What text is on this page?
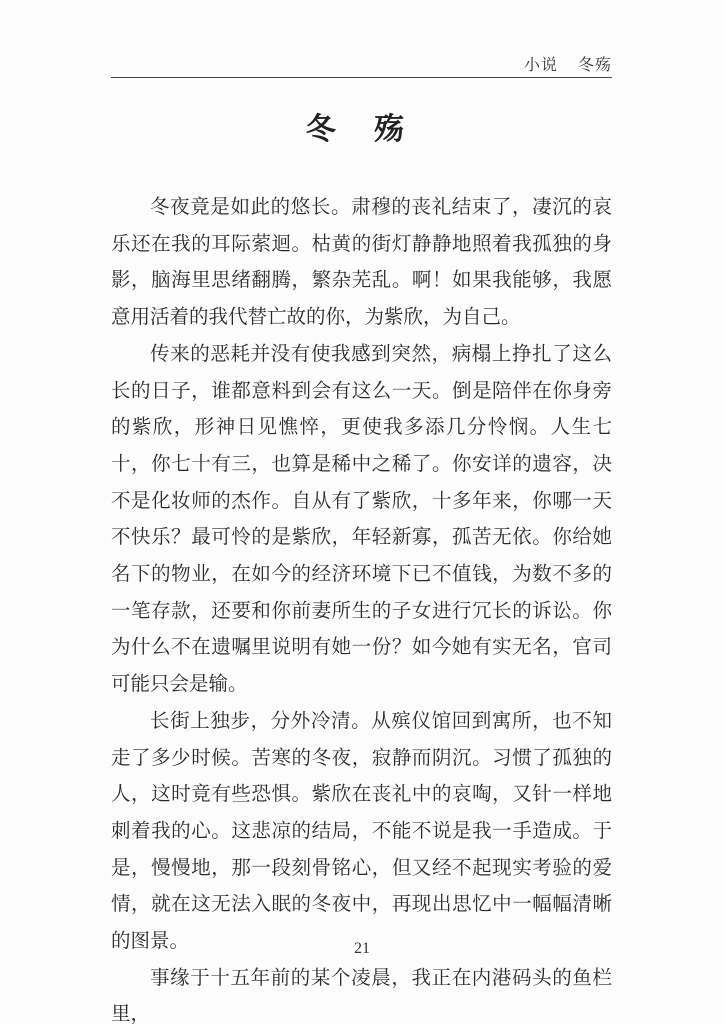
小说 冬殇
冬 殇

冬夜竟是如此的悠长。肃穆的丧礼结束了，凄沉的哀乐还在我的耳际萦迴。枯黄的街灯静静地照着我孤独的身影，脑海里思绪翻腾，繁杂芜乱。啊！如果我能够，我愿意用活着的我代替亡故的你，为紫欣，为自己。

传来的恶耗并没有使我感到突然，病榻上挣扎了这么长的日子，谁都意料到会有这么一天。倒是陪伴在你身旁的紫欣，形神日见憔悴，更使我多添几分怜悯。人生七十，你七十有三，也算是稀中之稀了。你安详的遗容，决不是化妆师的杰作。自从有了紫欣，十多年来，你哪一天不快乐？最可怜的是紫欣，年轻新寡，孤苦无依。你给她名下的物业，在如今的经济环境下已不值钱，为数不多的一笔存款，还要和你前妻所生的子女进行冗长的诉讼。你为什么不在遗嘱里说明有她一份？如今她有实无名，官司可能只会是输。

长街上独步，分外冷清。从殡仪馆回到寓所，也不知走了多少时候。苦寒的冬夜，寂静而阴沉。习惯了孤独的人，这时竟有些恐惧。紫欣在丧礼中的哀啕，又针一样地刺着我的心。这悲凉的结局，不能不说是我一手造成。于是，慢慢地，那一段刻骨铭心，但又经不起现实考验的爱情，就在这无法入眠的冬夜中，再现出思忆中一幅幅清晰的图景。

事缘于十五年前的某个凌晨，我正在内港码头的鱼栏里，

21
